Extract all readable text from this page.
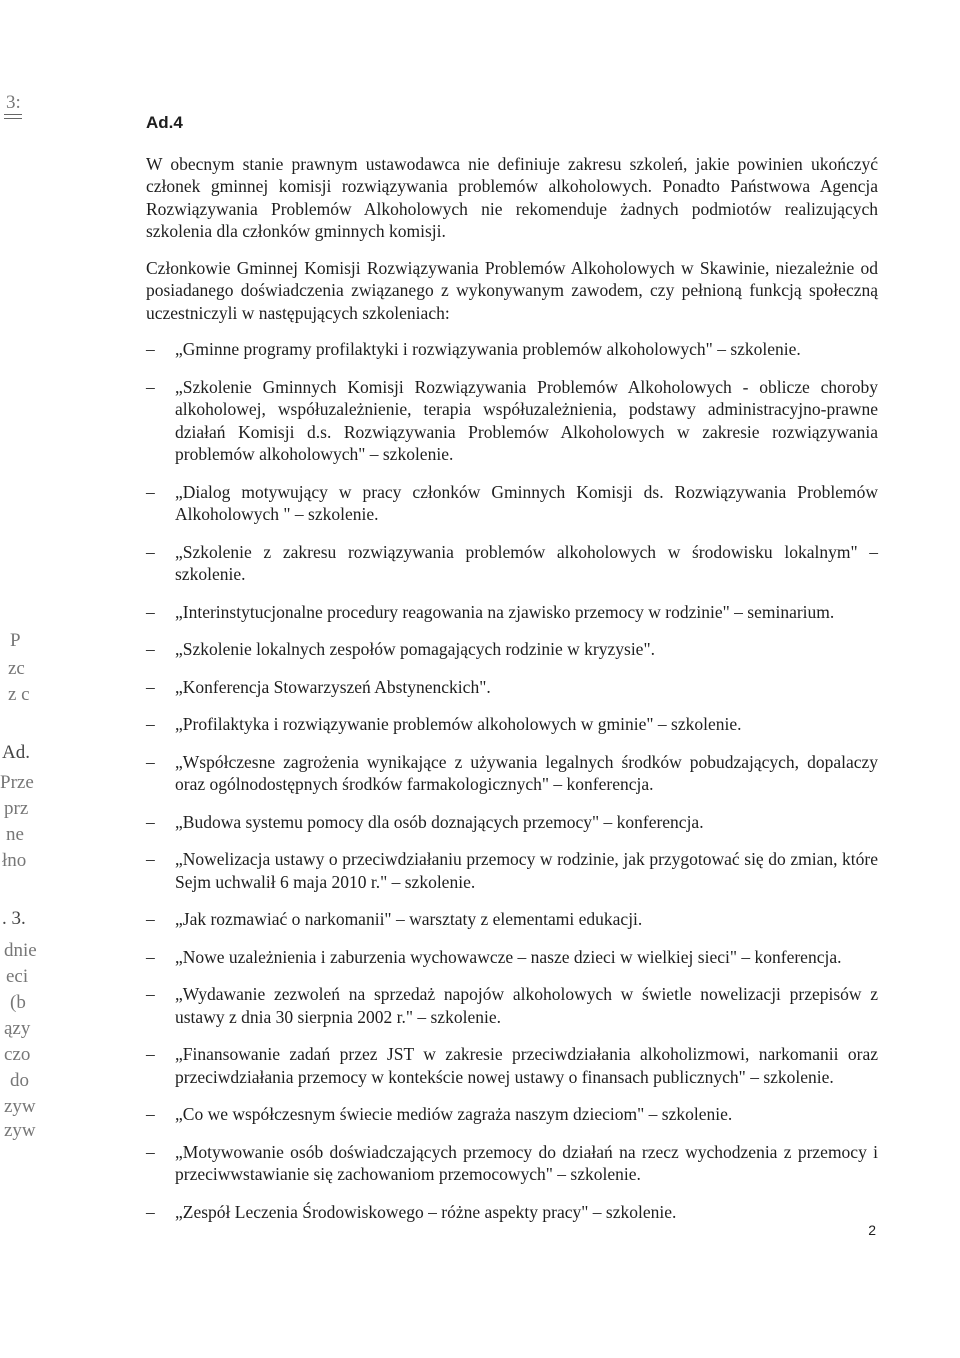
3:
P
zc
z c
Ad.
Prze
prz
ne
łno
. 3.
dnie
eci
(b
ązy
czo
do
zyw
zyw
Ad.4

W obecnym stanie prawnym ustawodawca nie definiuje zakresu szkoleń, jakie powinien ukończyć członek gminnej komisji rozwiązywania problemów alkoholowych. Ponadto Państwowa Agencja Rozwiązywania Problemów Alkoholowych nie rekomenduje żadnych podmiotów realizujących szkolenia dla członków gminnych komisji.

Członkowie Gminnej Komisji Rozwiązywania Problemów Alkoholowych w Skawinie, niezależnie od posiadanego doświadczenia związanego z wykonywanym zawodem, czy pełnioną funkcją społeczną uczestniczyli w następujących szkoleniach:

– „Gminne programy profilaktyki i rozwiązywania problemów alkoholowych" – szkolenie.
– „Szkolenie Gminnych Komisji Rozwiązywania Problemów Alkoholowych - oblicze choroby alkoholowej, współuzależnienie, terapia współuzależnienia, podstawy administracyjno-prawne działań Komisji d.s. Rozwiązywania Problemów Alkoholowych w zakresie rozwiązywania problemów alkoholowych" – szkolenie.
– „Dialog motywujący w pracy członków Gminnych Komisji ds. Rozwiązywania Problemów Alkoholowych " – szkolenie.
– „Szkolenie z zakresu rozwiązywania problemów alkoholowych w środowisku lokalnym" – szkolenie.
– „Interinstytucjonalne procedury reagowania na zjawisko przemocy w rodzinie" – seminarium.
– „Szkolenie lokalnych zespołów pomagających rodzinie w kryzysie".
– „Konferencja Stowarzyszeń Abstynenckich".
– „Profilaktyka i rozwiązywanie problemów alkoholowych w gminie" – szkolenie.
– „Współczesne zagrożenia wynikające z używania legalnych środków pobudzających, dopalaczy oraz ogólnodostępnych środków farmakologicznych" – konferencja.
– „Budowa systemu pomocy dla osób doznających przemocy" – konferencja.
– „Nowelizacja ustawy o przeciwdziałaniu przemocy w rodzinie, jak przygotować się do zmian, które Sejm uchwalił 6 maja 2010 r." – szkolenie.
– „Jak rozmawiać o narkomanii" – warsztaty z elementami edukacji.
– „Nowe uzależnienia i zaburzenia wychowawcze – nasze dzieci w wielkiej sieci" – konferencja.
– „Wydawanie zezwoleń na sprzedaż napojów alkoholowych w świetle nowelizacji przepisów z ustawy z dnia 30 sierpnia 2002 r." – szkolenie.
– „Finansowanie zadań przez JST w zakresie przeciwdziałania alkoholizmowi, narkomanii oraz przeciwdziałania przemocy w kontekście nowej ustawy o finansach publicznych" – szkolenie.
– „Co we współczesnym świecie mediów zagraża naszym dzieciom" – szkolenie.
– „Motywowanie osób doświadczających przemocy do działań na rzecz wychodzenia z przemocy i przeciwwstawianie się zachowaniom przemocowych" – szkolenie.
– „Zespół Leczenia Środowiskowego – różne aspekty pracy" – szkolenie.
2
